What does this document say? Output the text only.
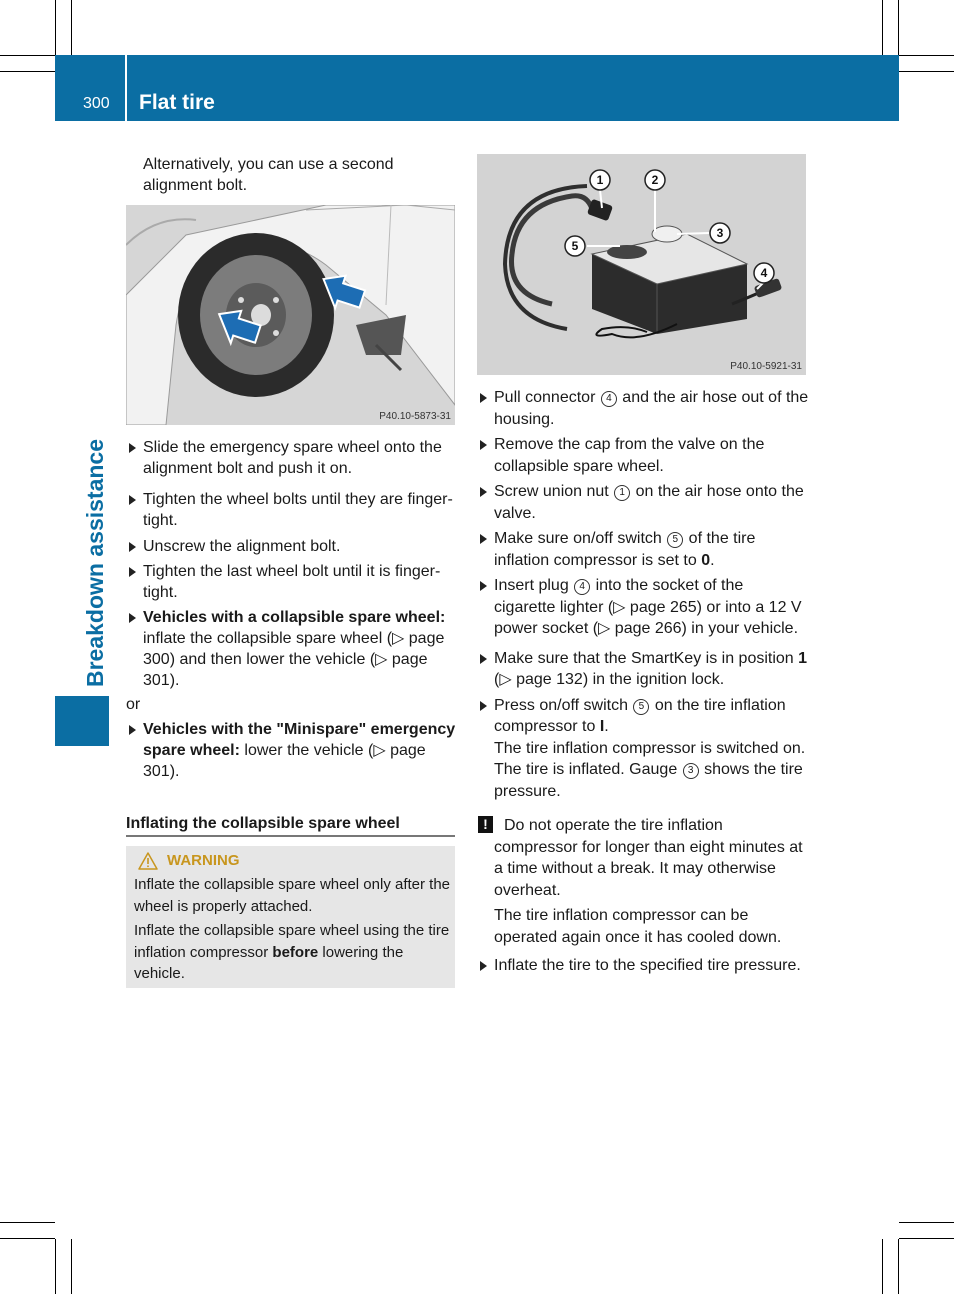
300 Flat tire
Breakdown assistance

Alternatively, you can use a second alignment bolt.

P40.10-5873-31

Slide the emergency spare wheel onto the alignment bolt and push it on.

Tighten the wheel bolts until they are finger-tight.

Unscrew the alignment bolt.

Tighten the last wheel bolt until it is finger-tight.

Vehicles with a collapsible spare wheel: inflate the collapsible spare wheel (▷ page 300) and then lower the vehicle (▷ page 301).

or

Vehicles with the "Minispare" emergency spare wheel: lower the vehicle (▷ page 301).

Inflating the collapsible spare wheel
WARNING

Inflate the collapsible spare wheel only after the wheel is properly attached.

Inflate the collapsible spare wheel using the tire inflation compressor before lowering the vehicle.

1	2
3
4
5
P40.10-5921-31

Pull connector 4 and the air hose out of the housing.

Remove the cap from the valve on the collapsible spare wheel.

Screw union nut 1 on the air hose onto the valve.

Make sure on/off switch 5 of the tire inflation compressor is set to 0.

Insert plug 4 into the socket of the cigarette lighter (▷ page 265) or into a 12 V power socket (▷ page 266) in your vehicle.

Make sure that the SmartKey is in position 1 (▷ page 132) in the ignition lock.

Press on/off switch 5 on the tire inflation compressor to I.

The tire inflation compressor is switched on. The tire is inflated. Gauge 3 shows the tire pressure.

!	Do not operate the tire inflation compressor for longer than eight minutes at a time without a break. It may otherwise overheat.

The tire inflation compressor can be operated again once it has cooled down.

Inflate the tire to the specified tire pressure.
